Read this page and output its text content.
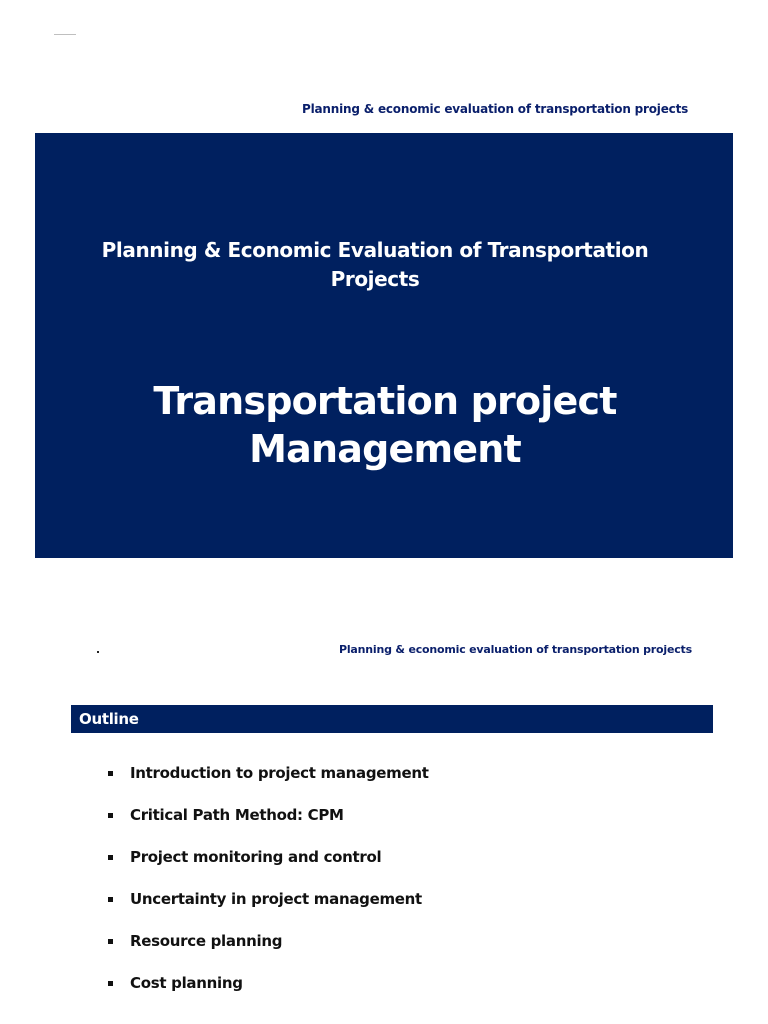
Planning & economic evaluation of transportation projects
Planning & Economic Evaluation of Transportation
Projects
Transportation project
Management
Planning & economic evaluation of transportation projects
Outline
Introduction to project management
Critical Path Method: CPM
Project monitoring and control
Uncertainty in project management
Resource planning
Cost planning
